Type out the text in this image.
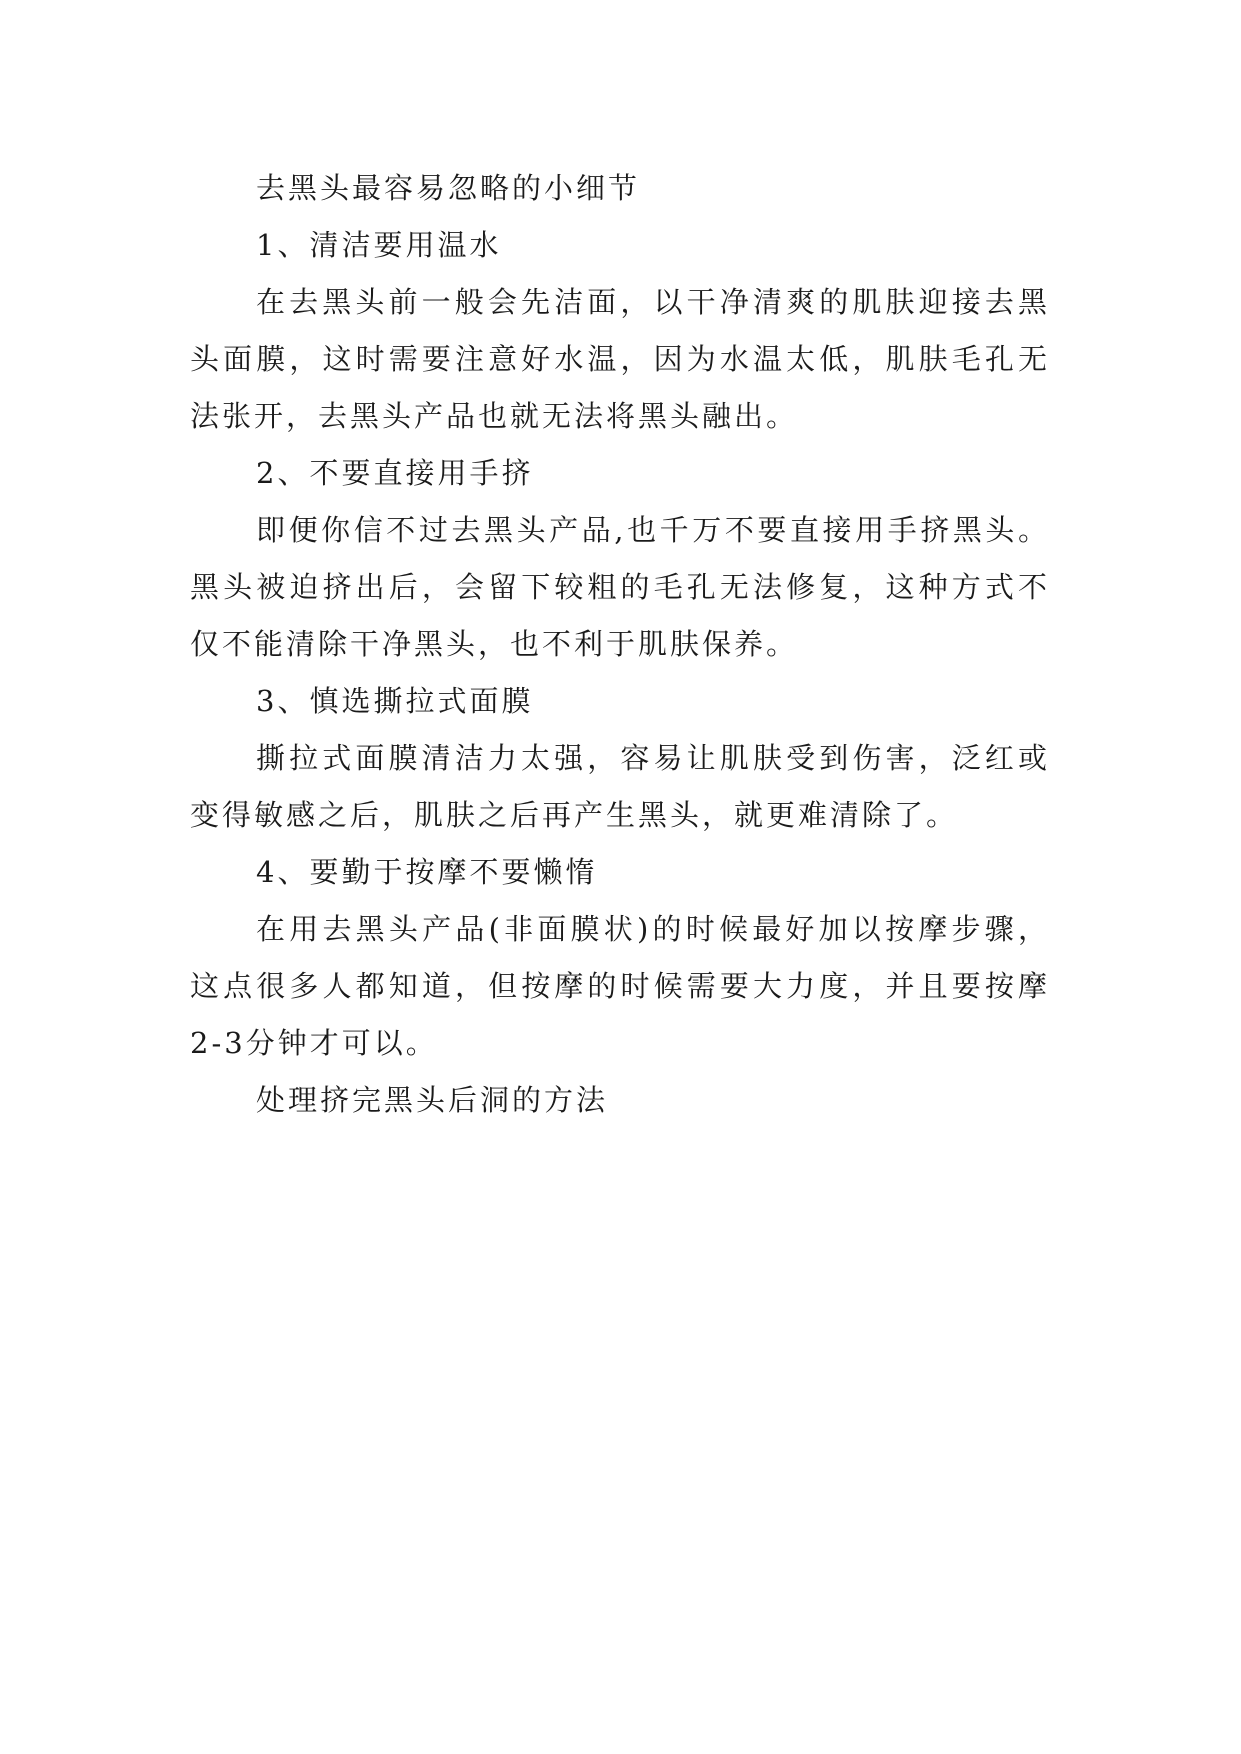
去黑头最容易忽略的小细节

1、清洁要用温水

在去黑头前一般会先洁面，以干净清爽的肌肤迎接去黑头面膜，这时需要注意好水温，因为水温太低，肌肤毛孔无法张开，去黑头产品也就无法将黑头融出。

2、不要直接用手挤

即便你信不过去黑头产品,也千万不要直接用手挤黑头。黑头被迫挤出后，会留下较粗的毛孔无法修复，这种方式不仅不能清除干净黑头，也不利于肌肤保养。

3、慎选撕拉式面膜

撕拉式面膜清洁力太强，容易让肌肤受到伤害，泛红或变得敏感之后，肌肤之后再产生黑头，就更难清除了。

4、要勤于按摩不要懒惰

在用去黑头产品(非面膜状)的时候最好加以按摩步骤，这点很多人都知道，但按摩的时候需要大力度，并且要按摩2-3分钟才可以。

处理挤完黑头后洞的方法
